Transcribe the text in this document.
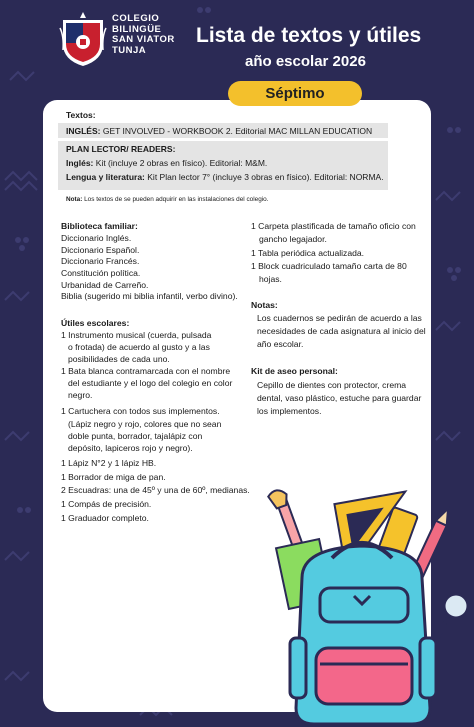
COLEGIO
BILINGÜE
SAN VIATOR
TUNJA
Lista de textos y útiles
año escolar 2026
Séptimo
Textos:
INGLÉS: GET INVOLVED - WORKBOOK 2. Editorial MAC MILLAN EDUCATION
PLAN LECTOR/ READERS:
Inglés: Kit (incluye 2 obras en físico). Editorial: M&M.
Lengua y literatura: Kit Plan lector 7° (incluye 3 obras en físico). Editorial: NORMA.
Nota: Los textos de se pueden adquirir en las instalaciones del colegio.
Biblioteca familiar:
Diccionario Inglés.
Diccionario Español.
Diccionario Francés.
Constitución política.
Urbanidad de Carreño.
Biblia (sugerido mi biblia infantil, verbo divino).
Útiles escolares:
1 Instrumento musical (cuerda, pulsada
o frotada) de acuerdo al gusto y a las
posibilidades de cada uno.
1 Bata blanca contramarcada con el nombre
del estudiante y el logo del colegio en color
negro.
1 Cartuchera con todos sus implementos.
(Lápiz negro y rojo, colores que no sean
doble punta, borrador, tajalápiz con
depósito, lapiceros rojo y negro).
1 Lápiz N°2 y 1 lápiz HB.
1 Borrador de miga de pan.
2 Escuadras: una de 45º y una de 60º, medianas.
1 Compás de precisión.
1 Graduador completo.
1 Carpeta plastificada de tamaño oficio con
gancho legajador.
1 Tabla periódica actualizada.
1 Block cuadriculado tamaño carta de 80
hojas.
Notas:
Los cuadernos se pedirán de acuerdo a las
necesidades de cada asignatura al inicio del
año escolar.
Kit de aseo personal:
Cepillo de dientes con protector, crema
dental, vaso plástico, estuche para guardar
los implementos.
